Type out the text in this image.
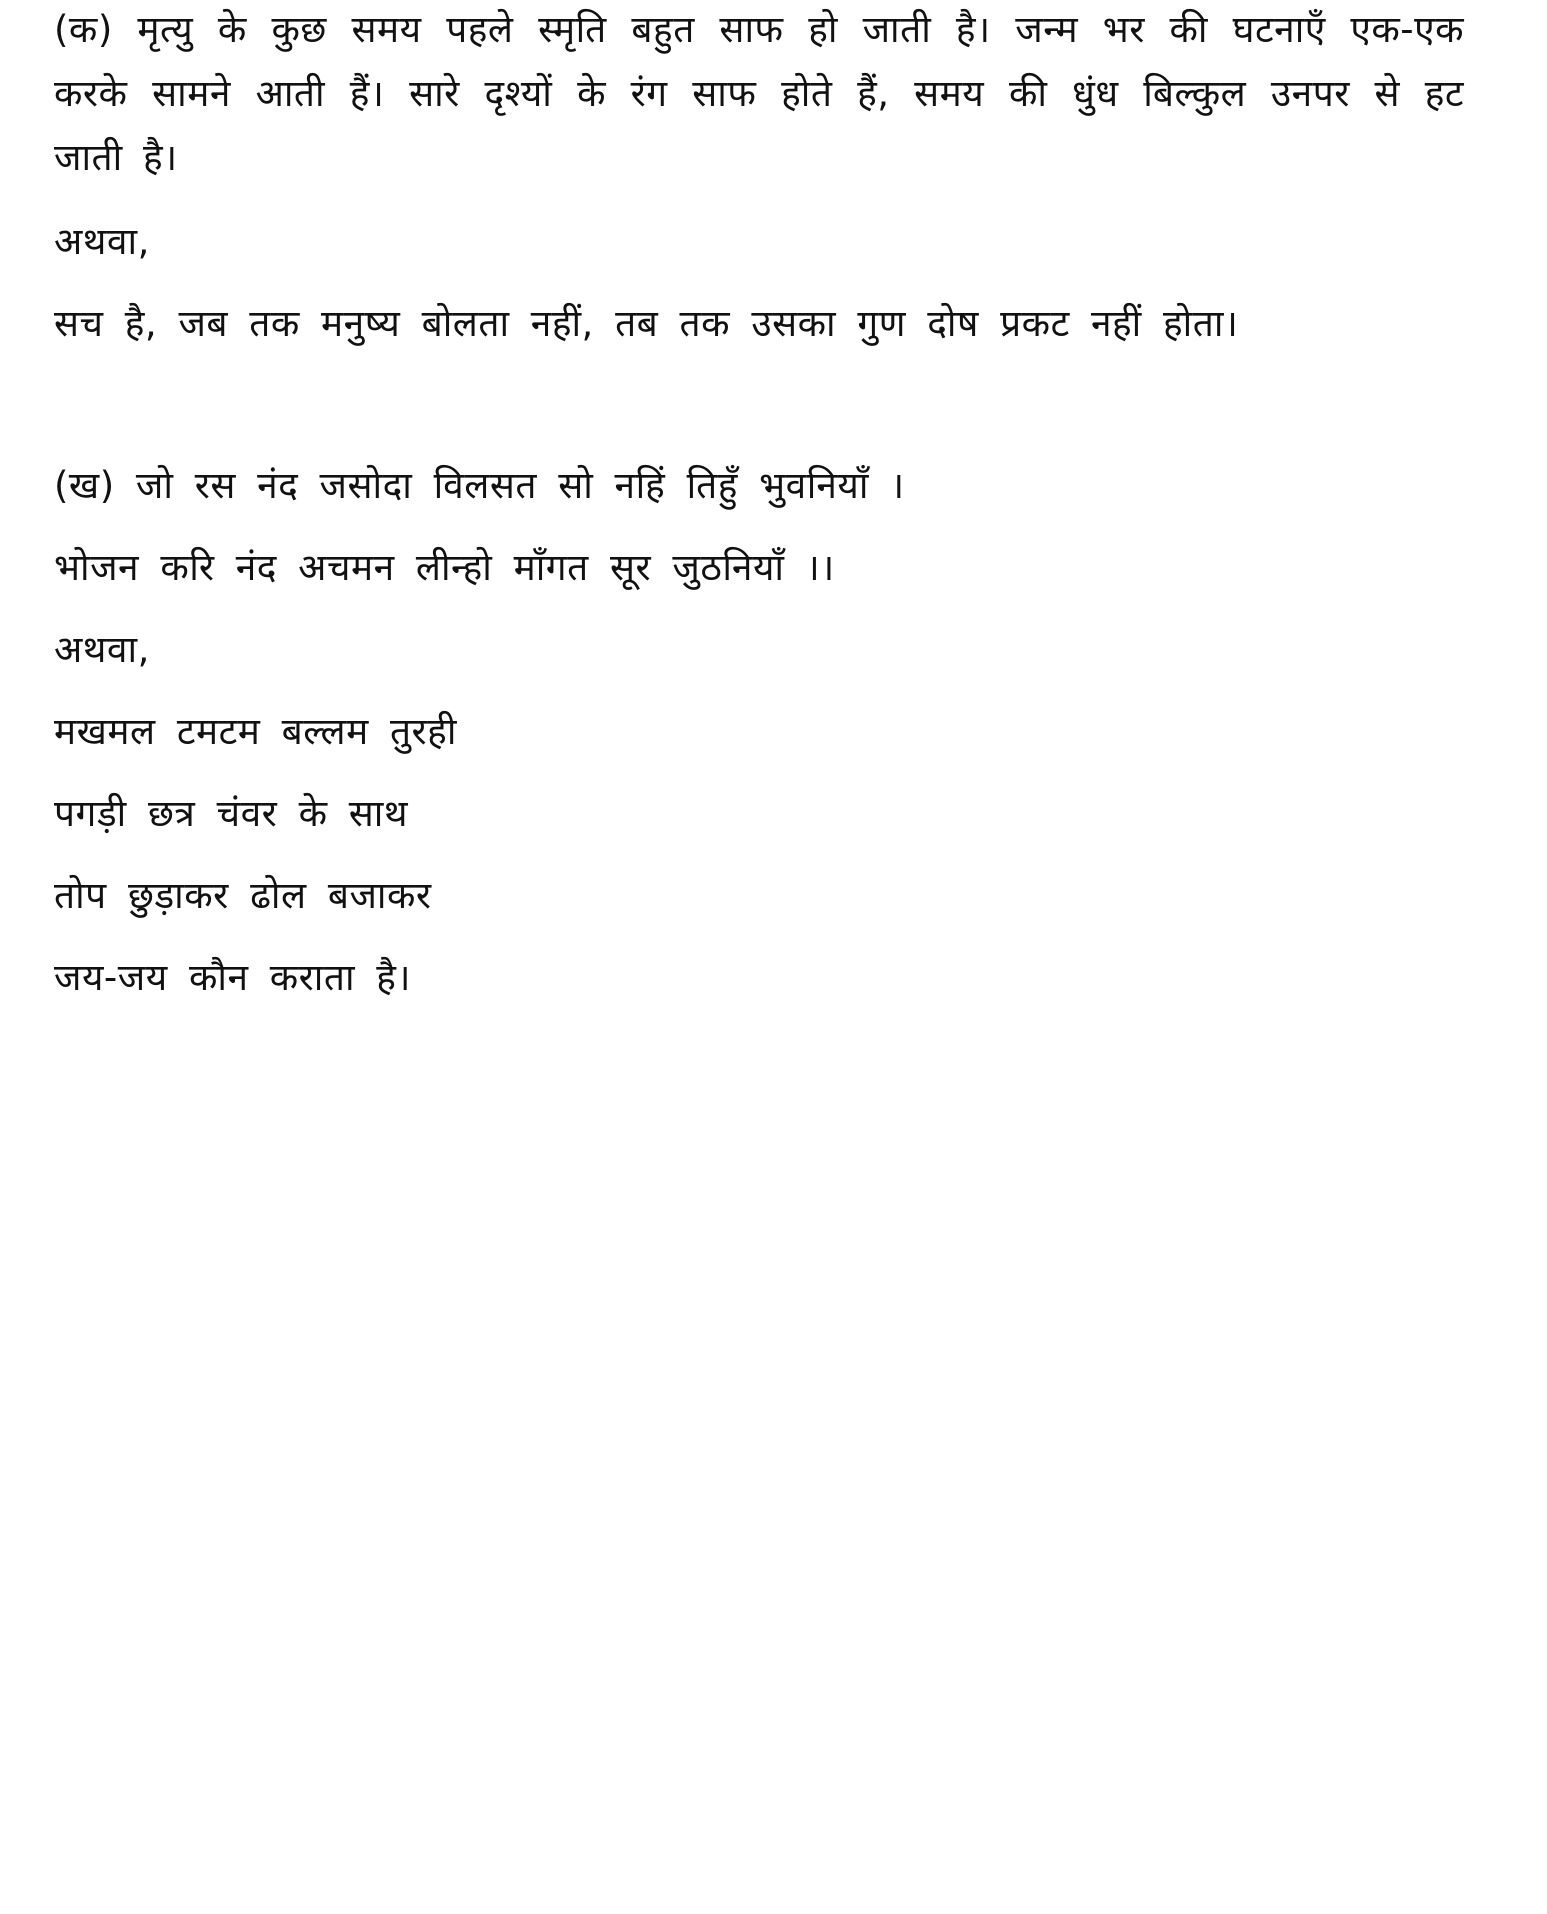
(क) मृत्यु के कुछ समय पहले स्मृति बहुत साफ हो जाती है। जन्म भर की घटनाएँ एक-एक करके सामने आती हैं। सारे दृश्यों के रंग साफ होते हैं, समय की धुंध बिल्कुल उनपर से हट जाती है।
अथवा,
सच है, जब तक मनुष्य बोलता नहीं, तब तक उसका गुण दोष प्रकट नहीं होता।
(ख) जो रस नंद जसोदा विलसत सो नहिं तिहुँ भुवनियाँ ।
भोजन करि नंद अचमन लीन्हो माँगत सूर जुठनियाँ ।।
अथवा,
मखमल टमटम बल्लम तुरही
पगड़ी छत्र चंवर के साथ
तोप छुड़ाकर ढोल बजाकर
जय-जय कौन कराता है।
